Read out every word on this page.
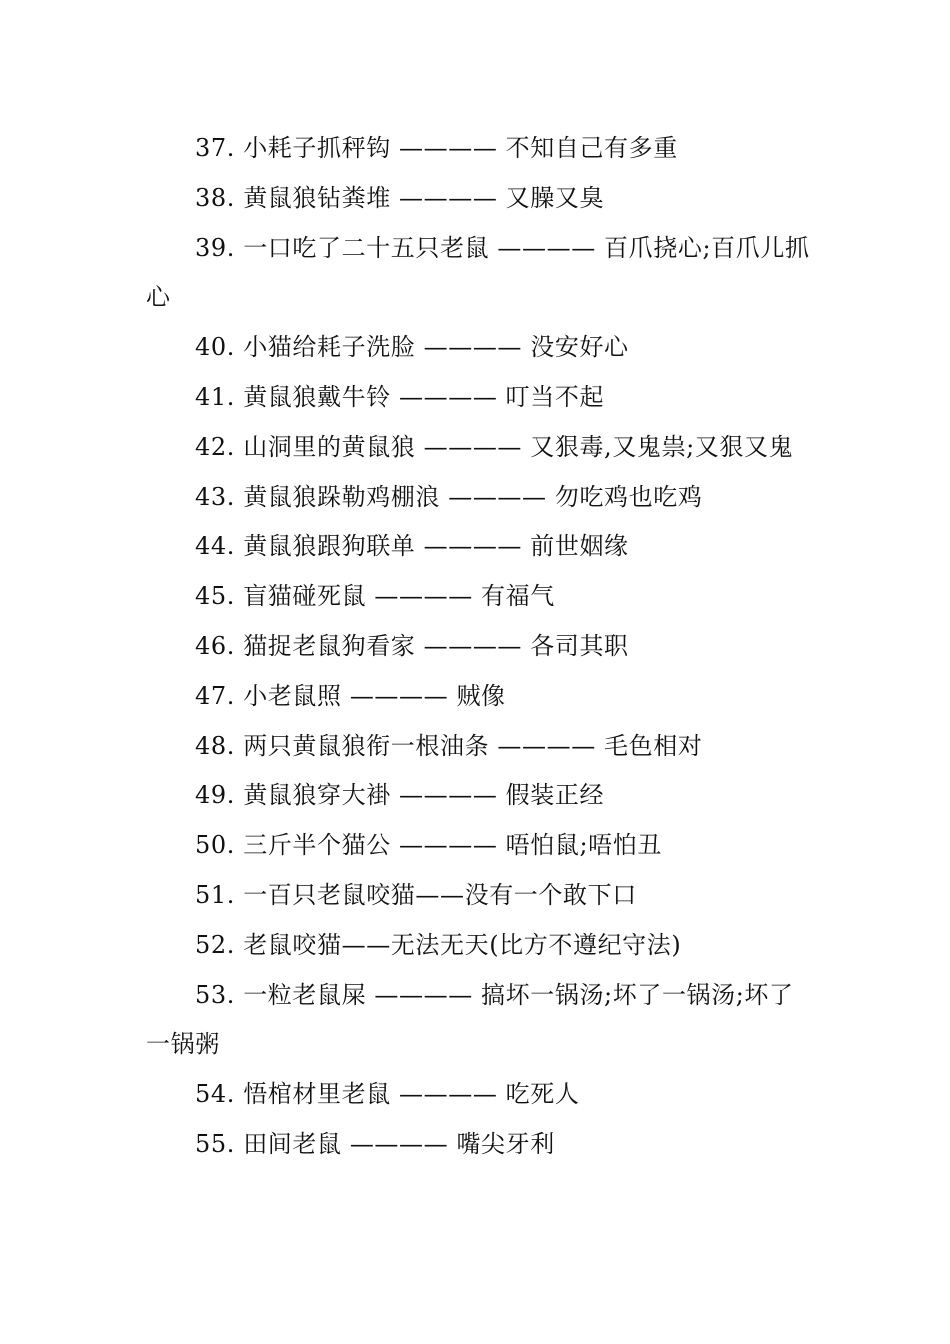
37. 小耗子抓秤钩 ———— 不知自己有多重

38. 黄鼠狼钻粪堆 ———— 又臊又臭

39. 一口吃了二十五只老鼠 ———— 百爪挠心;百爪儿抓心

40. 小猫给耗子洗脸 ———— 没安好心

41. 黄鼠狼戴牛铃 ———— 叮当不起

42. 山洞里的黄鼠狼 ———— 又狠毒,又鬼祟;又狠又鬼

43. 黄鼠狼跺勒鸡棚浪 ———— 勿吃鸡也吃鸡

44. 黄鼠狼跟狗联单 ———— 前世姻缘

45. 盲猫碰死鼠 ———— 有福气

46. 猫捉老鼠狗看家 ———— 各司其职

47. 小老鼠照 ———— 贼像

48. 两只黄鼠狼衔一根油条 ———— 毛色相对

49. 黄鼠狼穿大褂 ———— 假装正经

50. 三斤半个猫公 ———— 唔怕鼠;唔怕丑

51. 一百只老鼠咬猫——没有一个敢下口

52. 老鼠咬猫——无法无天(比方不遵纪守法)

53. 一粒老鼠屎 ———— 搞坏一锅汤;坏了一锅汤;坏了一锅粥

54. 悟棺材里老鼠 ———— 吃死人

55. 田间老鼠 ———— 嘴尖牙利
